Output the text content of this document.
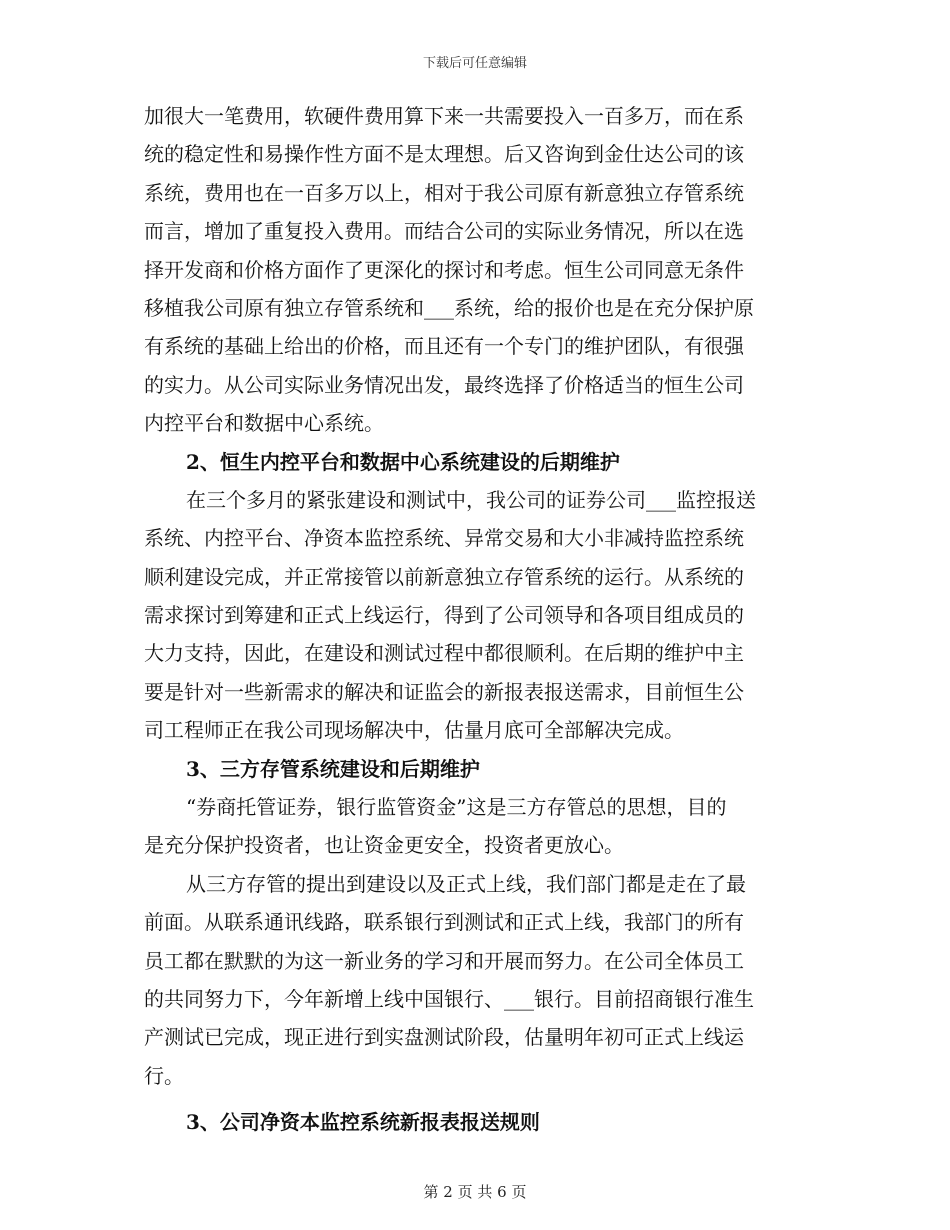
下载后可任意编辑
加很大一笔费用，软硬件费用算下来一共需要投入一百多万，而在系
统的稳定性和易操作性方面不是太理想。后又咨询到金仕达公司的该
系统，费用也在一百多万以上，相对于我公司原有新意独立存管系统
而言，增加了重复投入费用。而结合公司的实际业务情况，所以在选
择开发商和价格方面作了更深化的探讨和考虑。恒生公司同意无条件
移植我公司原有独立存管系统和___系统，给的报价也是在充分保护原
有系统的基础上给出的价格，而且还有一个专门的维护团队，有很强
的实力。从公司实际业务情况出发，最终选择了价格适当的恒生公司
内控平台和数据中心系统。
2、恒生内控平台和数据中心系统建设的后期维护
在三个多月的紧张建设和测试中，我公司的证券公司___监控报送
系统、内控平台、净资本监控系统、异常交易和大小非减持监控系统
顺利建设完成，并正常接管以前新意独立存管系统的运行。从系统的
需求探讨到筹建和正式上线运行，得到了公司领导和各项目组成员的
大力支持，因此，在建设和测试过程中都很顺利。在后期的维护中主
要是针对一些新需求的解决和证监会的新报表报送需求，目前恒生公
司工程师正在我公司现场解决中，估量月底可全部解决完成。
3、三方存管系统建设和后期维护
“券商托管证券，银行监管资金”这是三方存管总的思想，目的
是充分保护投资者，也让资金更安全，投资者更放心。
从三方存管的提出到建设以及正式上线，我们部门都是走在了最
前面。从联系通讯线路，联系银行到测试和正式上线，我部门的所有
员工都在默默的为这一新业务的学习和开展而努力。在公司全体员工
的共同努力下，今年新增上线中国银行、___银行。目前招商银行准生
产测试已完成，现正进行到实盘测试阶段，估量明年初可正式上线运
行。
3、公司净资本监控系统新报表报送规则
第 2 页 共 6 页
